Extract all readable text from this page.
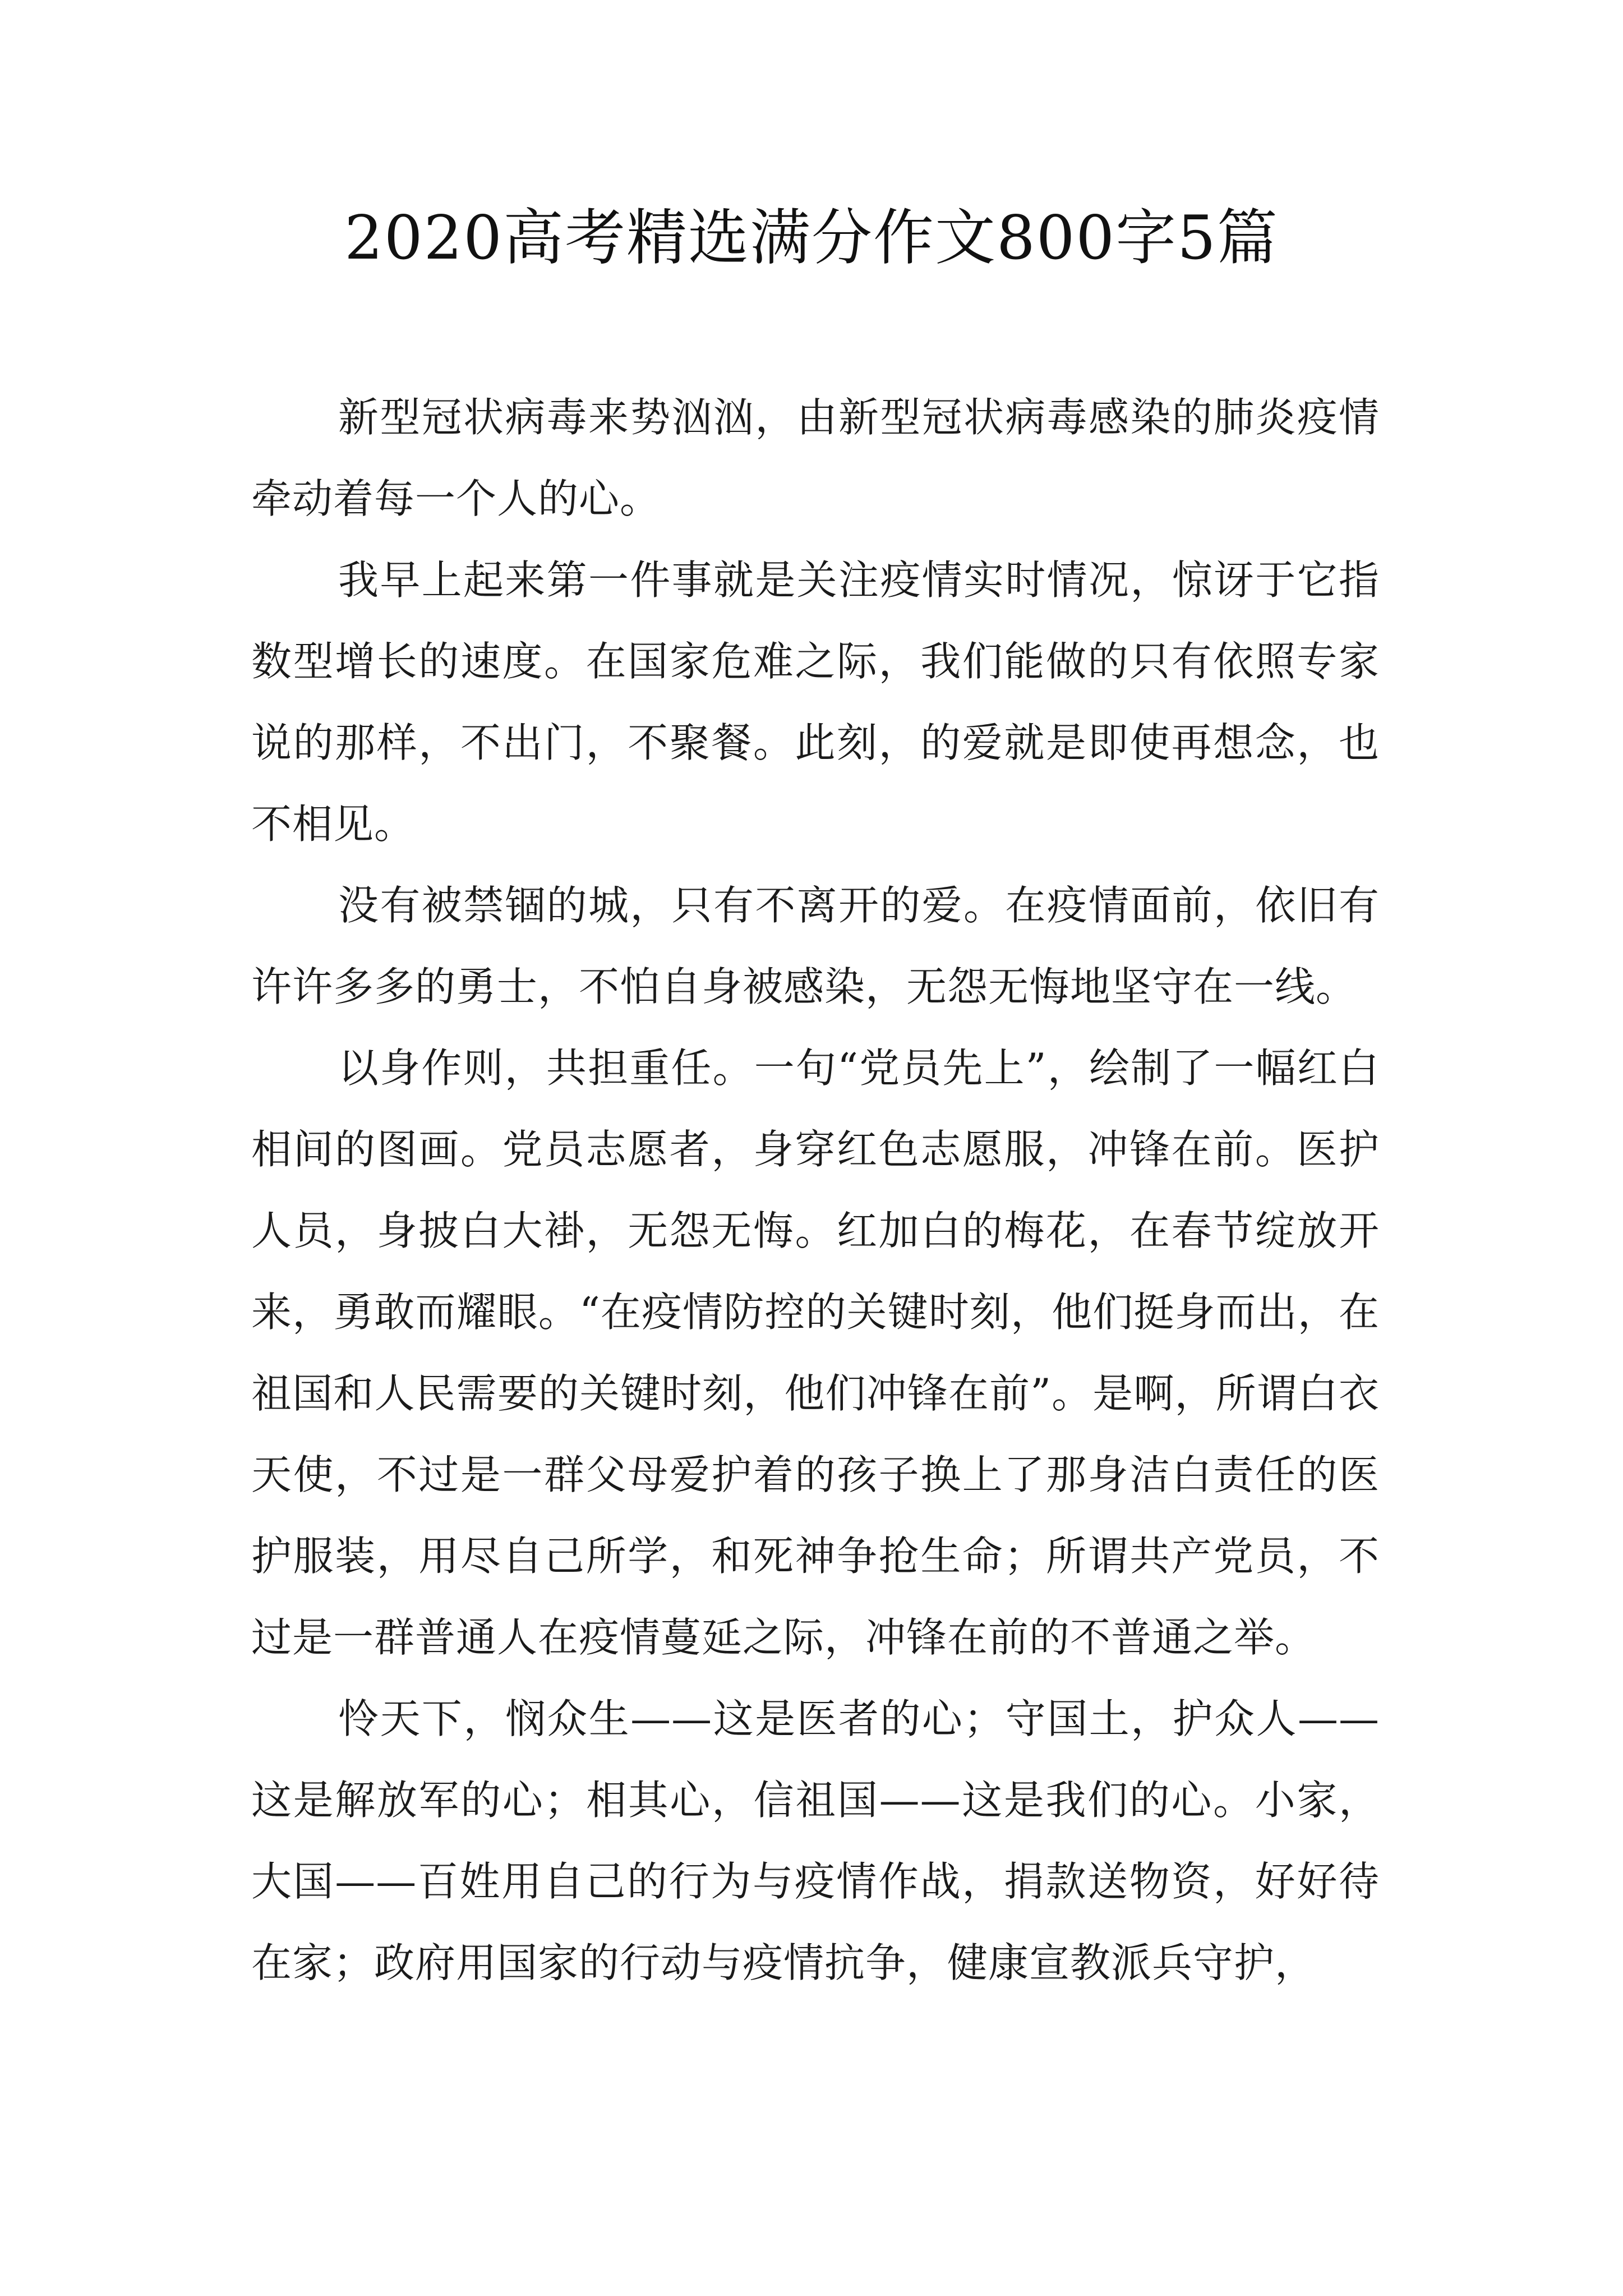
2020高考精选满分作文800字5篇

新型冠状病毒来势汹汹，由新型冠状病毒感染的肺炎疫情牵动着每一个人的心。

我早上起来第一件事就是关注疫情实时情况，惊讶于它指数型增长的速度。在国家危难之际，我们能做的只有依照专家说的那样，不出门，不聚餐。此刻，的爱就是即使再想念，也不相见。

没有被禁锢的城，只有不离开的爱。在疫情面前，依旧有许许多多的勇士，不怕自身被感染，无怨无悔地坚守在一线。

以身作则，共担重任。一句“党员先上”，绘制了一幅红白相间的图画。党员志愿者，身穿红色志愿服，冲锋在前。医护人员，身披白大褂，无怨无悔。红加白的梅花，在春节绽放开来，勇敢而耀眼。“在疫情防控的关键时刻，他们挺身而出，在祖国和人民需要的关键时刻，他们冲锋在前”。是啊，所谓白衣天使，不过是一群父母爱护着的孩子换上了那身洁白责任的医护服装，用尽自己所学，和死神争抢生命；所谓共产党员，不过是一群普通人在疫情蔓延之际，冲锋在前的不普通之举。

怜天下，悯众生——这是医者的心；守国土，护众人——这是解放军的心；相其心，信祖国——这是我们的心。小家，大国——百姓用自己的行为与疫情作战，捐款送物资，好好待在家；政府用国家的行动与疫情抗争，健康宣教派兵守护，
